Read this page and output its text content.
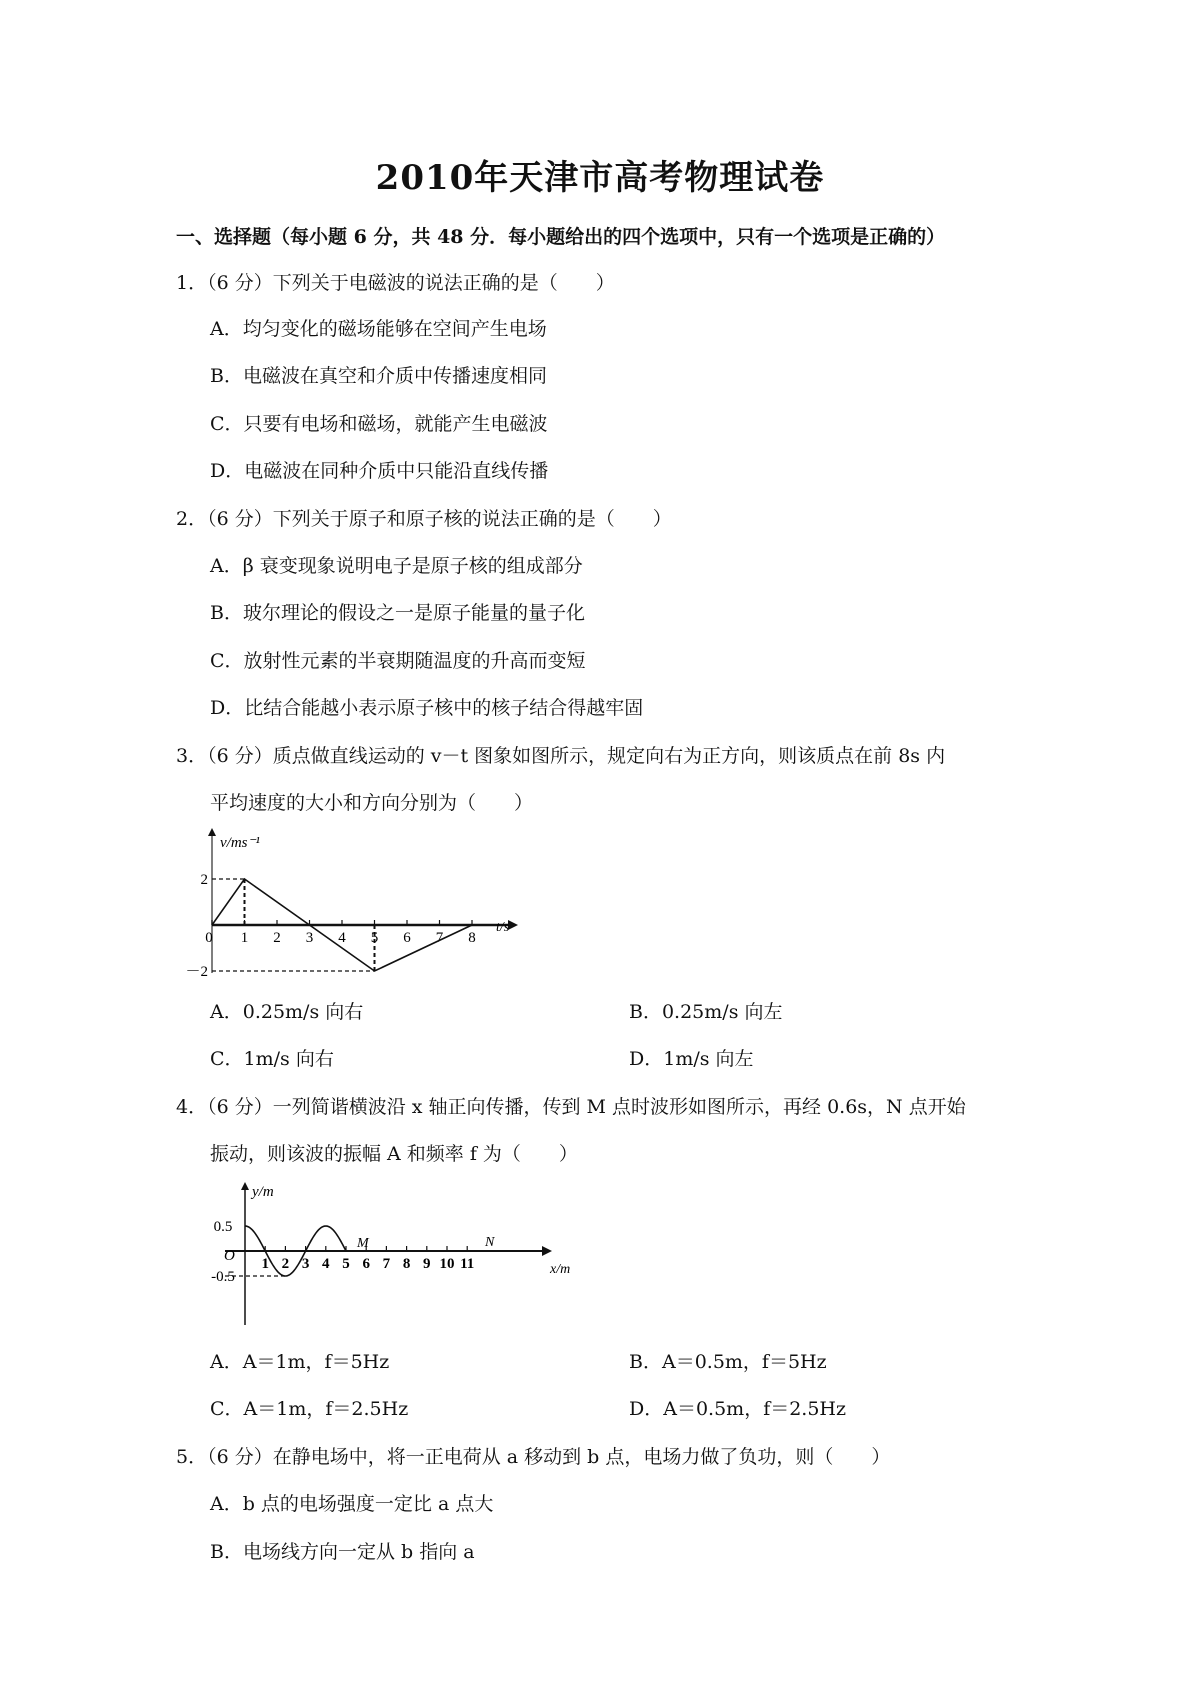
2010年天津市高考物理试卷
一、选择题（每小题 6 分，共 48 分．每小题给出的四个选项中，只有一个选项是正确的）
1．（6 分）下列关于电磁波的说法正确的是（　　）
A．均匀变化的磁场能够在空间产生电场
B．电磁波在真空和介质中传播速度相同
C．只要有电场和磁场，就能产生电磁波
D．电磁波在同种介质中只能沿直线传播
2．（6 分）下列关于原子和原子核的说法正确的是（　　）
A．β 衰变现象说明电子是原子核的组成部分
B．玻尔理论的假设之一是原子能量的量子化
C．放射性元素的半衰期随温度的升高而变短
D．比结合能越小表示原子核中的核子结合得越牢固
3．（6 分）质点做直线运动的 v－t 图象如图所示，规定向右为正方向，则该质点在前 8s 内
平均速度的大小和方向分别为（　　）
0 1 2 3 4 5 6 7 8
2
－2
v/ms⁻¹
t/s
A．0.25m/s 向右	B．0.25m/s 向左
C．1m/s 向右	D．1m/s 向左
4．（6 分）一列简谐横波沿 x 轴正向传播，传到 M 点时波形如图所示，再经 0.6s，N 点开始
振动，则该波的振幅 A 和频率 f 为（　　）
1 2 3 4 5 6 7 8 9 10 11
0.5
-0.5
y/m
x/m
O
M	N
A．A＝1m，f＝5Hz	B．A＝0.5m，f＝5Hz
C．A＝1m，f＝2.5Hz	D．A＝0.5m，f＝2.5Hz
5．（6 分）在静电场中，将一正电荷从 a 移动到 b 点，电场力做了负功，则（　　）
A．b 点的电场强度一定比 a 点大
B．电场线方向一定从 b 指向 a
